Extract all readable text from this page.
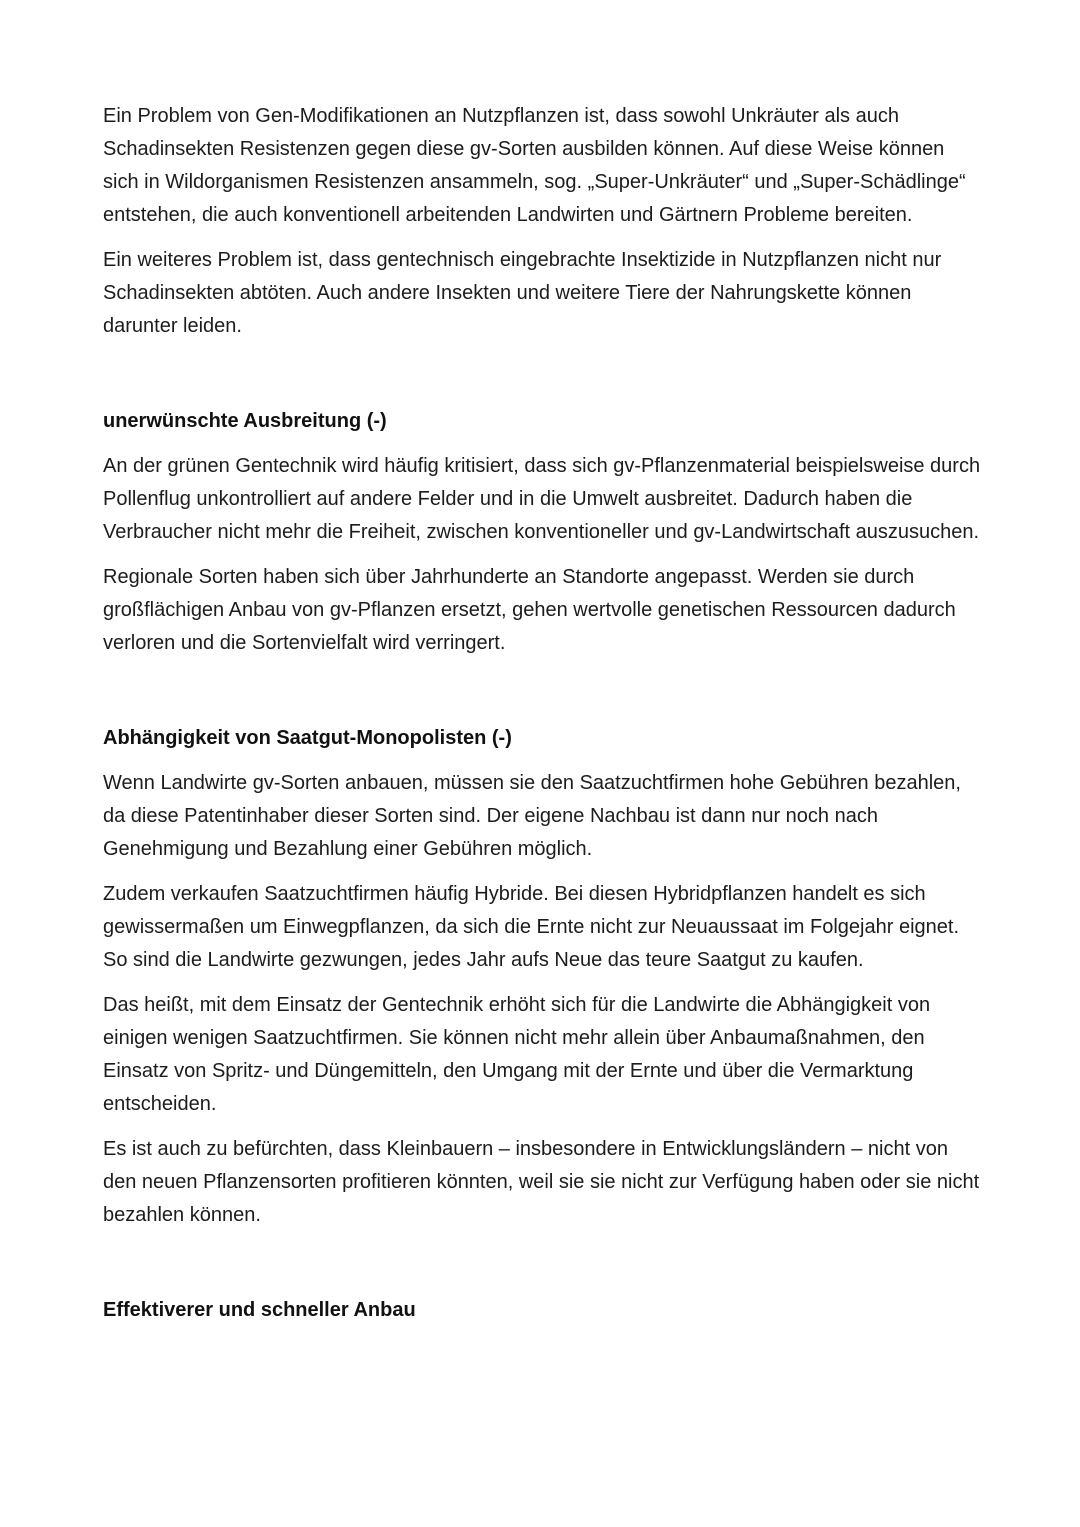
Ein Problem von Gen-Modifikationen an Nutzpflanzen ist, dass sowohl Unkräuter als auch Schadinsekten Resistenzen gegen diese gv-Sorten ausbilden können. Auf diese Weise können sich in Wildorganismen Resistenzen ansammeln, sog. „Super-Unkräuter“ und „Super-Schädlinge“ entstehen, die auch konventionell arbeitenden Landwirten und Gärtnern Probleme bereiten.

Ein weiteres Problem ist, dass gentechnisch eingebrachte Insektizide in Nutzpflanzen nicht nur Schadinsekten abtöten. Auch andere Insekten und weitere Tiere der Nahrungskette können darunter leiden.

unerwünschte Ausbreitung (-)

An der grünen Gentechnik wird häufig kritisiert, dass sich gv-Pflanzenmaterial beispielsweise durch Pollenflug unkontrolliert auf andere Felder und in die Umwelt ausbreitet. Dadurch haben die Verbraucher nicht mehr die Freiheit, zwischen konventioneller und gv-Landwirtschaft auszusuchen.

Regionale Sorten haben sich über Jahrhunderte an Standorte angepasst. Werden sie durch großflächigen Anbau von gv-Pflanzen ersetzt, gehen wertvolle genetischen Ressourcen dadurch verloren und die Sortenvielfalt wird verringert.

Abhängigkeit von Saatgut-Monopolisten (-)

Wenn Landwirte gv-Sorten anbauen, müssen sie den Saatzuchtfirmen hohe Gebühren bezahlen, da diese Patentinhaber dieser Sorten sind. Der eigene Nachbau ist dann nur noch nach Genehmigung und Bezahlung einer Gebühren möglich.

Zudem verkaufen Saatzuchtfirmen häufig Hybride. Bei diesen Hybridpflanzen handelt es sich gewissermaßen um Einwegpflanzen, da sich die Ernte nicht zur Neuaussaat im Folgejahr eignet. So sind die Landwirte gezwungen, jedes Jahr aufs Neue das teure Saatgut zu kaufen.

Das heißt, mit dem Einsatz der Gentechnik erhöht sich für die Landwirte die Abhängigkeit von einigen wenigen Saatzuchtfirmen. Sie können nicht mehr allein über Anbaumaßnahmen, den Einsatz von Spritz- und Düngemitteln, den Umgang mit der Ernte und über die Vermarktung entscheiden.

Es ist auch zu befürchten, dass Kleinbauern – insbesondere in Entwicklungsländern – nicht von den neuen Pflanzensorten profitieren könnten, weil sie sie nicht zur Verfügung haben oder sie nicht bezahlen können.

Effektiverer und schneller Anbau
